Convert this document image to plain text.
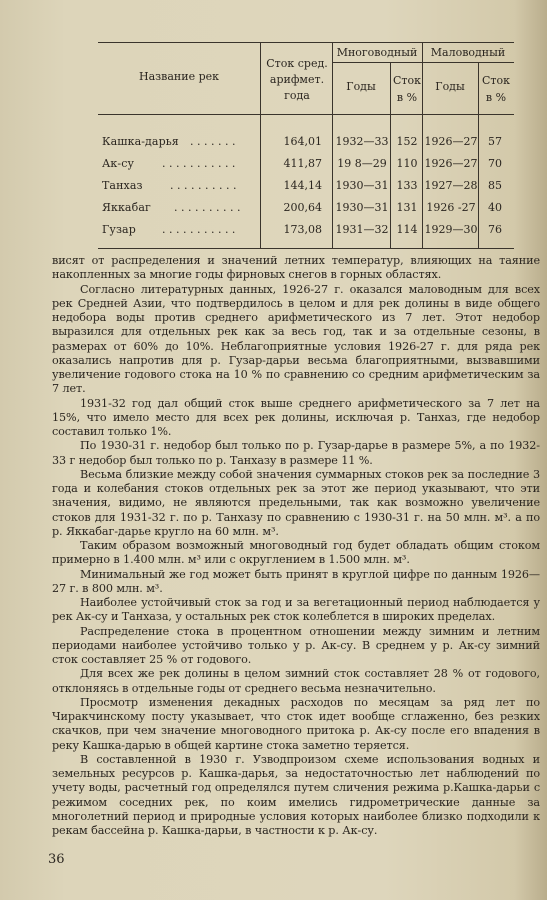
Название рек
Сток сред. арифмет. года
Многоводный	Маловодный
Годы	Сток в %
Годы	Сток в %
Кашка-дарья . . . . . . .	164,01 1932—33 152 1926—27 57
Ак-су	. . . . . . . . . . .	411,87 19 8—29 110 1926—27 70
Танхаз . . . . . . . . . .	144,14 1930—31 133 1927—28 85
Яккабаг . . . . . . . . . .	200,64 1930—31 131 1926 -27	40
Гузар . . . . . . . . . . .	173,08 1931—32 114 1929—30 76

висят от распределения и значений летних температур, влияющих на таяние накопленных за многие годы фирновых снегов в горных областях.

Согласно литературных данных, 1926-27 г. оказался маловодным для всех рек Средней Азии, что подтвердилось в целом и для рек долины в виде общего недобора воды против среднего арифметического из 7 лет. Этот недобор выразился для отдельных рек как за весь год, так и за отдельные сезоны, в размерах от 60% до 10%. Неблагоприятные условия 1926-27 г. для ряда рек оказались напротив для р. Гузар-дарьи весьма благоприятными, вызвавшими увеличение годового стока на 10 % по сравнению со средним арифметическим за 7 лет.

1931-32 год дал общий сток выше среднего арифметического за 7 лет на 15%, что имело место для всех рек долины, исключая р. Танхаз, где недобор составил только 1%.

По 1930-31 г. недобор был только по р. Гузар-дарье в размере 5%, а по 1932-33 г недобор был только по р. Танхазу в размере 11 %.

Весьма близкие между собой значения суммарных стоков рек за последние 3 года и колебания стоков отдельных рек за этот же период указывают, что эти значения, видимо, не являются предельными, так как возможно увеличение стоков для 1931-32 г. по р. Танхазу по сравнению с 1930-31 г. на 50 млн. м³. а по р. Яккабаг-дарье кругло на 60 млн. м³.

Таким образом возможный многоводный год будет обладать общим стоком примерно в 1.400 млн. м³ или с округлением в 1.500 млн. м³.

Минимальный же год может быть принят в круглой цифре по данным 1926—27 г. в 800 млн. м³.

Наиболее устойчивый сток за год и за вегетационный период наблюдается у рек Ак-су и Танхаза, у остальных рек сток колеблется в широких пределах.

Распределение стока в процентном отношении между зимним и летним периодами наиболее устойчиво только у р. Ак-су. В среднем у р. Ак-су зимний сток составляет 25 % от годового.

Для всех же рек долины в целом зимний сток составляет 28 % от годового, отклоняясь в отдельные годы от среднего весьма незначительно.

Просмотр изменения декадных расходов по месяцам за ряд лет по Чиракчинскому посту указывает, что сток идет вообще сглаженно, без резких скачков, при чем значение многоводного притока р. Ак-су после его впадения в реку Кашка-дарью в общей картине стока заметно теряется.

В составленной в 1930 г. Узводпроизом схеме использования водных и земельных ресурсов р. Кашка-дарья, за недостаточностью лет наблюдений по учету воды, расчетный год определялся путем сличения режима р.Кашка-дарьи с режимом соседних рек, по коим имелись гидрометрические данные за многолетний период и природные условия которых наиболее близко подходили к рекам бассейна р. Кашка-дарьи, в частности к р. Ак-су.

36
